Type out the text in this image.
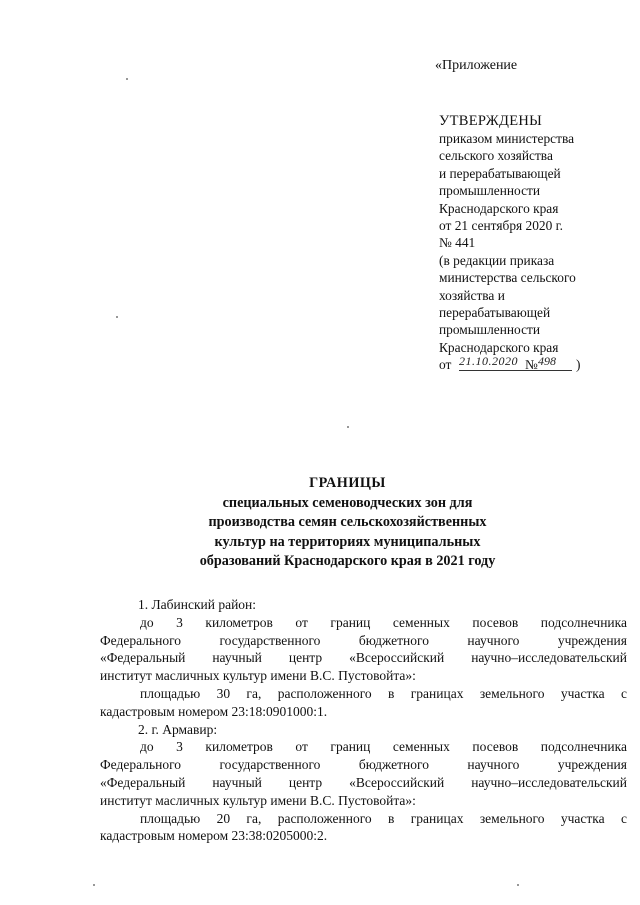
«Приложение
УТВЕРЖДЕНЫ
приказом министерства
сельского хозяйства
и перерабатывающей
промышленности
Краснодарского края
от 21 сентября 2020 г.
№ 441
(в редакции приказа
министерства сельского
хозяйства и
перерабатывающей
промышленности
Краснодарского края
от 21.10.2020 № 498 )
ГРАНИЦЫ
специальных семеноводческих зон для
производства семян сельскохозяйственных
культур на территориях муниципальных
образований Краснодарского края в 2021 году
1. Лабинский район:
до 3 километров от границ семенных посевов подсолнечника
Федерального государственного бюджетного научного учреждения
«Федеральный научный центр «Всероссийский научно–исследовательский
институт масличных культур имени В.С. Пустовойта»:
площадью 30 га, расположенного в границах земельного участка с
кадастровым номером 23:18:0901000:1.
2. г. Армавир:
до 3 километров от границ семенных посевов подсолнечника
Федерального государственного бюджетного научного учреждения
«Федеральный научный центр «Всероссийский научно–исследовательский
институт масличных культур имени В.С. Пустовойта»:
площадью 20 га, расположенного в границах земельного участка с
кадастровым номером 23:38:0205000:2.
